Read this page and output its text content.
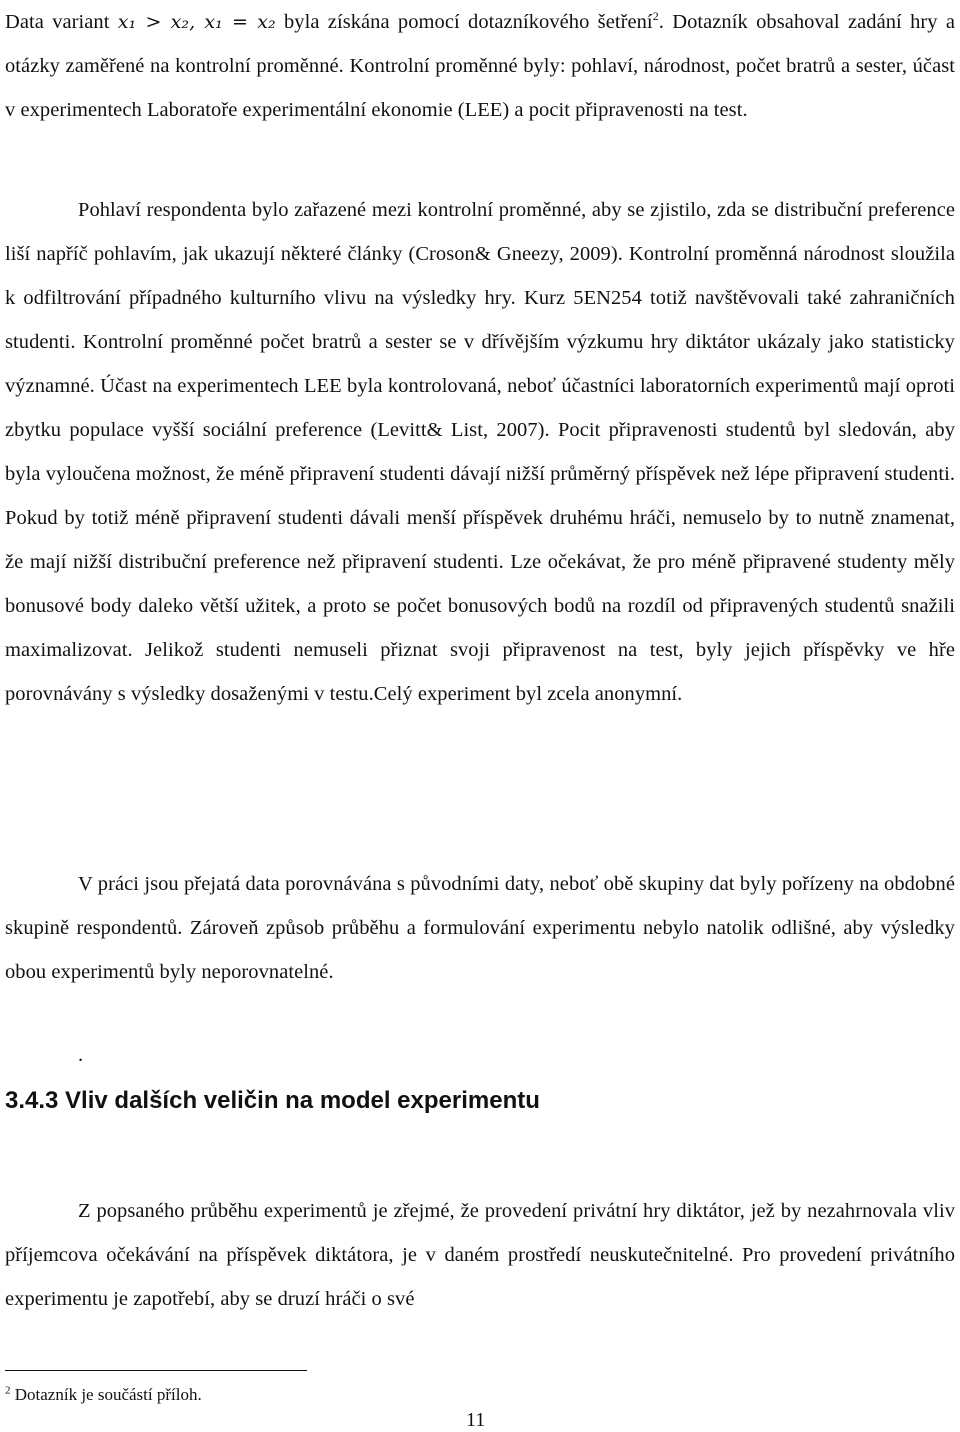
Data variant x₁ > x₂, x₁ = x₂ byla získána pomocí dotazníkového šetření$^2$. Dotazník obsahoval zadání hry a otázky zaměřené na kontrolní proměnné. Kontrolní proměnné byly: pohlaví, národnost, počet bratrů a sester, účast v experimentech Laboratoře experimentální ekonomie (LEE) a pocit připravenosti na test.

Pohlaví respondenta bylo zařazené mezi kontrolní proměnné, aby se zjistilo, zda se distribuční preference liší napříč pohlavím, jak ukazují některé články (Croson& Gneezy, 2009). Kontrolní proměnná národnost sloužila k odfiltrování případného kulturního vlivu na výsledky hry. Kurz 5EN254 totiž navštěvovali také zahraničních studenti. Kontrolní proměnné počet bratrů a sester se v dřívějším výzkumu hry diktátor ukázaly jako statisticky významné. Účast na experimentech LEE byla kontrolovaná, neboť účastníci laboratorních experimentů mají oproti zbytku populace vyšší sociální preference (Levitt& List, 2007). Pocit připravenosti studentů byl sledován, aby byla vyloučena možnost, že méně připravení studenti dávají nižší průměrný příspěvek než lépe připravení studenti. Pokud by totiž méně připravení studenti dávali menší příspěvek druhému hráči, nemuselo by to nutně znamenat, že mají nižší distribuční preference než připravení studenti. Lze očekávat, že pro méně připravené studenty měly bonusové body daleko větší užitek, a proto se počet bonusových bodů na rozdíl od připravených studentů snažili maximalizovat. Jelikož studenti nemuseli přiznat svoji připravenost na test, byly jejich příspěvky ve hře porovnávány s výsledky dosaženými v testu.Celý experiment byl zcela anonymní.

V práci jsou přejatá data porovnávána s původními daty, neboť obě skupiny dat byly pořízeny na obdobné skupině respondentů. Zároveň způsob průběhu a formulování experimentu nebylo natolik odlišné, aby výsledky obou experimentů byly neporovnatelné.

.
3.4.3 Vliv dalších veličin na model experimentu

Z popsaného průběhu experimentů je zřejmé, že provedení privátní hry diktátor, jež by nezahrnovala vliv příjemcova očekávání na příspěvek diktátora, je v daném prostředí neuskutečnitelné. Pro provedení privátního experimentu je zapotřebí, aby se druzí hráči o své

$^2$ Dotazník je součástí příloh.

11
